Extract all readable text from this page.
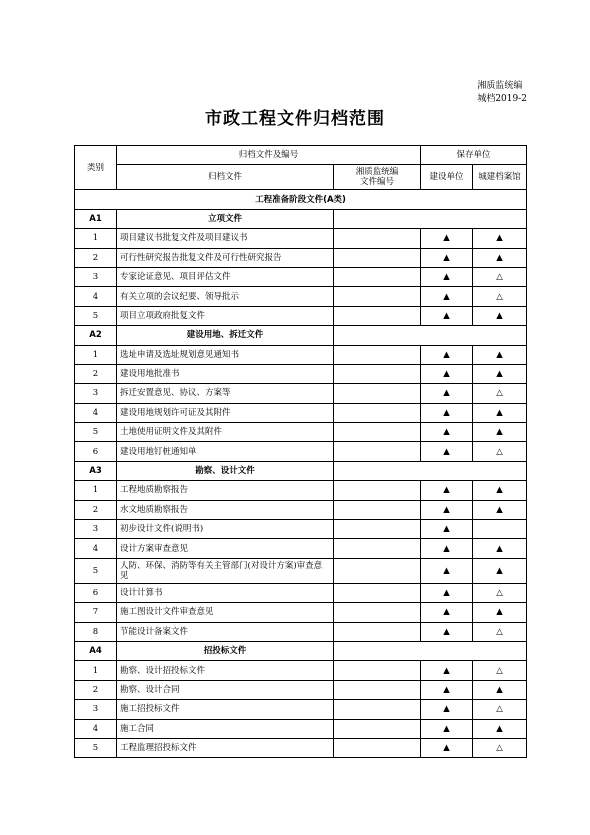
湘质监统编
城档2019-2
市政工程文件归档范围
类别	归档文件及编号		保存单位	
	归档文件	湘质监统编
文件编号	建设单位	城建档案馆
工程准备阶段文件(A类)				
A1	立项文件			
1	项目建议书批复文件及项目建议书		▲	▲
2	可行性研究报告批复文件及可行性研究报告		▲	▲
3	专家论证意见、项目评估文件		▲	△
4	有关立项的会议纪要、领导批示		▲	△
5	项目立项政府批复文件		▲	▲
A2	建设用地、拆迁文件			
1	选址申请及选址规划意见通知书		▲	▲
2	建设用地批准书		▲	▲
3	拆迁安置意见、协议、方案等		▲	△
4	建设用地规划许可证及其附件		▲	▲
5	土地使用证明文件及其附件		▲	▲
6	建设用地钉桩通知单		▲	△
A3	勘察、设计文件			
1	工程地质勘察报告		▲	▲
2	水文地质勘察报告		▲	▲
3	初步设计文件(说明书)		▲	
4	设计方案审查意见		▲	▲
5	人防、环保、消防等有关主管部门(对设计方案)审查意见		▲	▲
6	设计计算书		▲	△
7	施工图设计文件审查意见		▲	▲
8	节能设计备案文件		▲	△
A4	招投标文件			
1	勘察、设计招投标文件		▲	△
2	勘察、设计合同		▲	▲
3	施工招投标文件		▲	△
4	施工合同		▲	▲
5	工程监理招投标文件		▲	△
